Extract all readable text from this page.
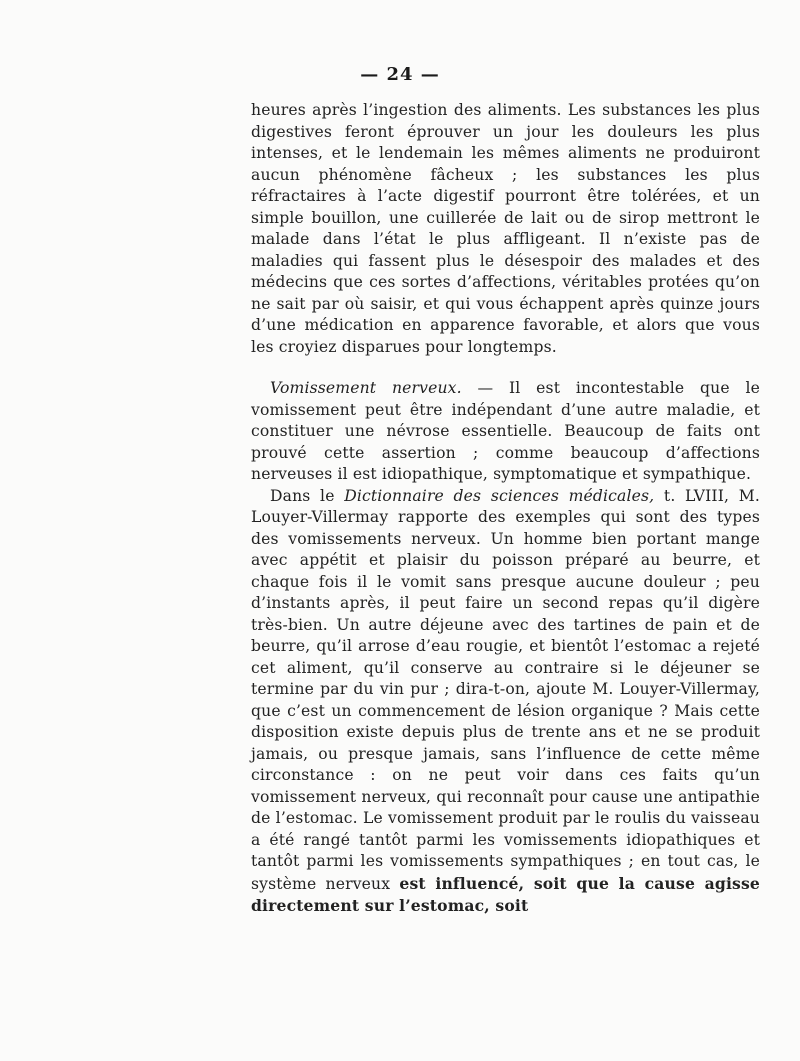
— 24 —

heures après l’ingestion des aliments. Les substances les plus digestives feront éprouver un jour les douleurs les plus intenses, et le lendemain les mêmes aliments ne produiront aucun phénomène fâcheux ; les substances les plus réfractaires à l’acte digestif pourront être tolérées, et un simple bouillon, une cuillerée de lait ou de sirop mettront le malade dans l’état le plus affligeant. Il n’existe pas de maladies qui fassent plus le désespoir des malades et des médecins que ces sortes d’affections, véritables protées qu’on ne sait par où saisir, et qui vous échappent après quinze jours d’une médication en apparence favorable, et alors que vous les croyiez disparues pour longtemps.

Vomissement nerveux. — Il est incontestable que le vomissement peut être indépendant d’une autre maladie, et constituer une névrose essentielle. Beaucoup de faits ont prouvé cette assertion ; comme beaucoup d’affections nerveuses il est idiopathique, symptomatique et sympathique.

Dans le Dictionnaire des sciences médicales, t. LVIII, M. Louyer-Villermay rapporte des exemples qui sont des types des vomissements nerveux. Un homme bien portant mange avec appétit et plaisir du poisson préparé au beurre, et chaque fois il le vomit sans presque aucune douleur ; peu d’instants après, il peut faire un second repas qu’il digère très-bien. Un autre déjeune avec des tartines de pain et de beurre, qu’il arrose d’eau rougie, et bientôt l’estomac a rejeté cet aliment, qu’il conserve au contraire si le déjeuner se termine par du vin pur ; dira-t-on, ajoute M. Louyer-Villermay, que c’est un commencement de lésion organique ? Mais cette disposition existe depuis plus de trente ans et ne se produit jamais, ou presque jamais, sans l’influence de cette même circonstance : on ne peut voir dans ces faits qu’un vomissement nerveux, qui reconnaît pour cause une antipathie de l’estomac. Le vomissement produit par le roulis du vaisseau a été rangé tantôt parmi les vomissements idiopathiques et tantôt parmi les vomissements sympathiques ; en tout cas, le système nerveux est influencé, soit que la cause agisse directement sur l’estomac, soit
